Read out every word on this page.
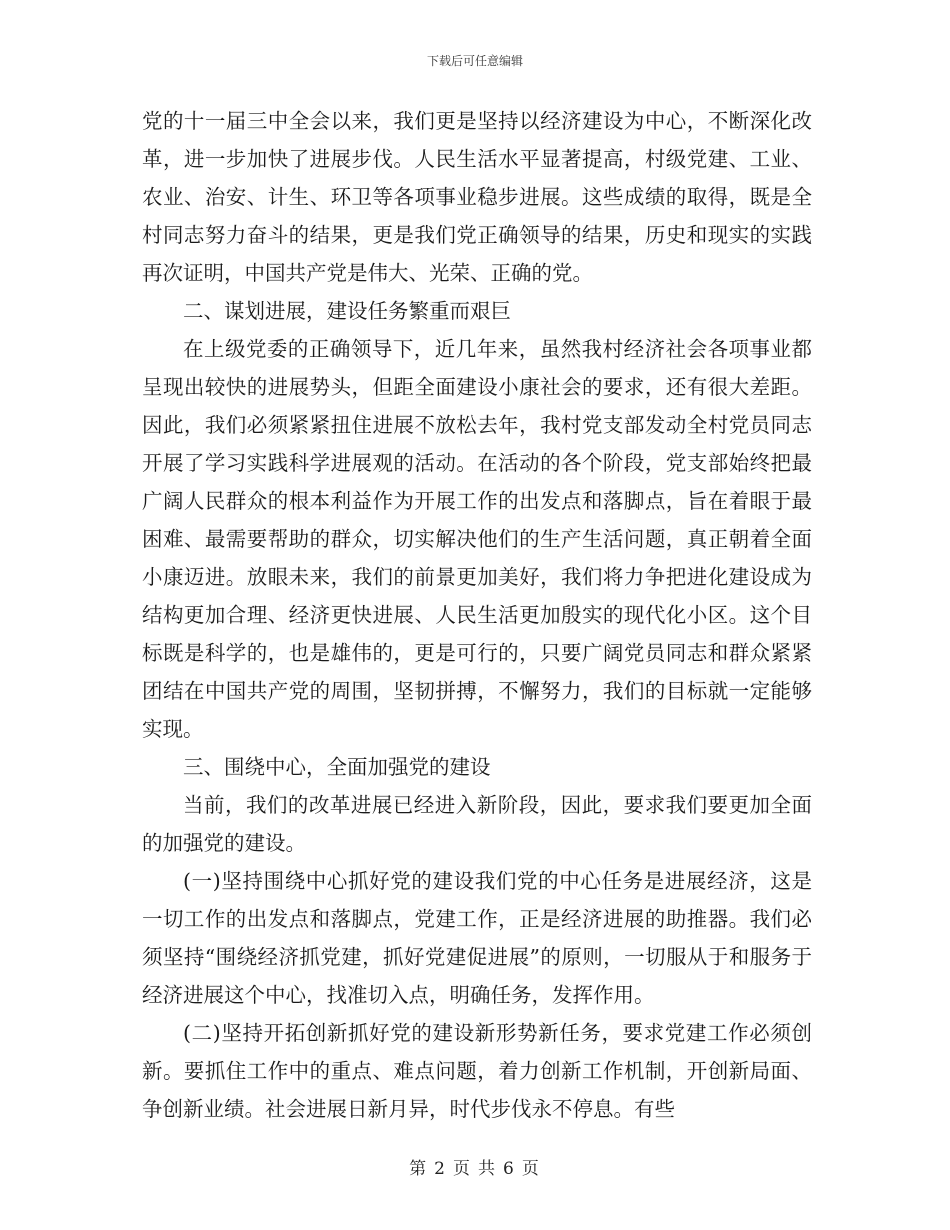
下载后可任意编辑

党的十一届三中全会以来，我们更是坚持以经济建设为中心，不断深化改革，进一步加快了进展步伐。人民生活水平显著提高，村级党建、工业、农业、治安、计生、环卫等各项事业稳步进展。这些成绩的取得，既是全村同志努力奋斗的结果，更是我们党正确领导的结果，历史和现实的实践再次证明，中国共产党是伟大、光荣、正确的党。

二、谋划进展，建设任务繁重而艰巨

在上级党委的正确领导下，近几年来，虽然我村经济社会各项事业都呈现出较快的进展势头，但距全面建设小康社会的要求，还有很大差距。因此，我们必须紧紧扭住进展不放松去年，我村党支部发动全村党员同志开展了学习实践科学进展观的活动。在活动的各个阶段，党支部始终把最广阔人民群众的根本利益作为开展工作的出发点和落脚点，旨在着眼于最困难、最需要帮助的群众，切实解决他们的生产生活问题，真正朝着全面小康迈进。放眼未来，我们的前景更加美好，我们将力争把进化建设成为结构更加合理、经济更快进展、人民生活更加殷实的现代化小区。这个目标既是科学的，也是雄伟的，更是可行的，只要广阔党员同志和群众紧紧团结在中国共产党的周围，坚韧拼搏，不懈努力，我们的目标就一定能够实现。

三、围绕中心，全面加强党的建设

当前，我们的改革进展已经进入新阶段，因此，要求我们要更加全面的加强党的建设。

(一)坚持围绕中心抓好党的建设我们党的中心任务是进展经济，这是一切工作的出发点和落脚点，党建工作，正是经济进展的助推器。我们必须坚持“围绕经济抓党建，抓好党建促进展”的原则，一切服从于和服务于经济进展这个中心，找准切入点，明确任务，发挥作用。

(二)坚持开拓创新抓好党的建设新形势新任务，要求党建工作必须创新。要抓住工作中的重点、难点问题，着力创新工作机制，开创新局面、争创新业绩。社会进展日新月异，时代步伐永不停息。有些

第 2 页 共 6 页
